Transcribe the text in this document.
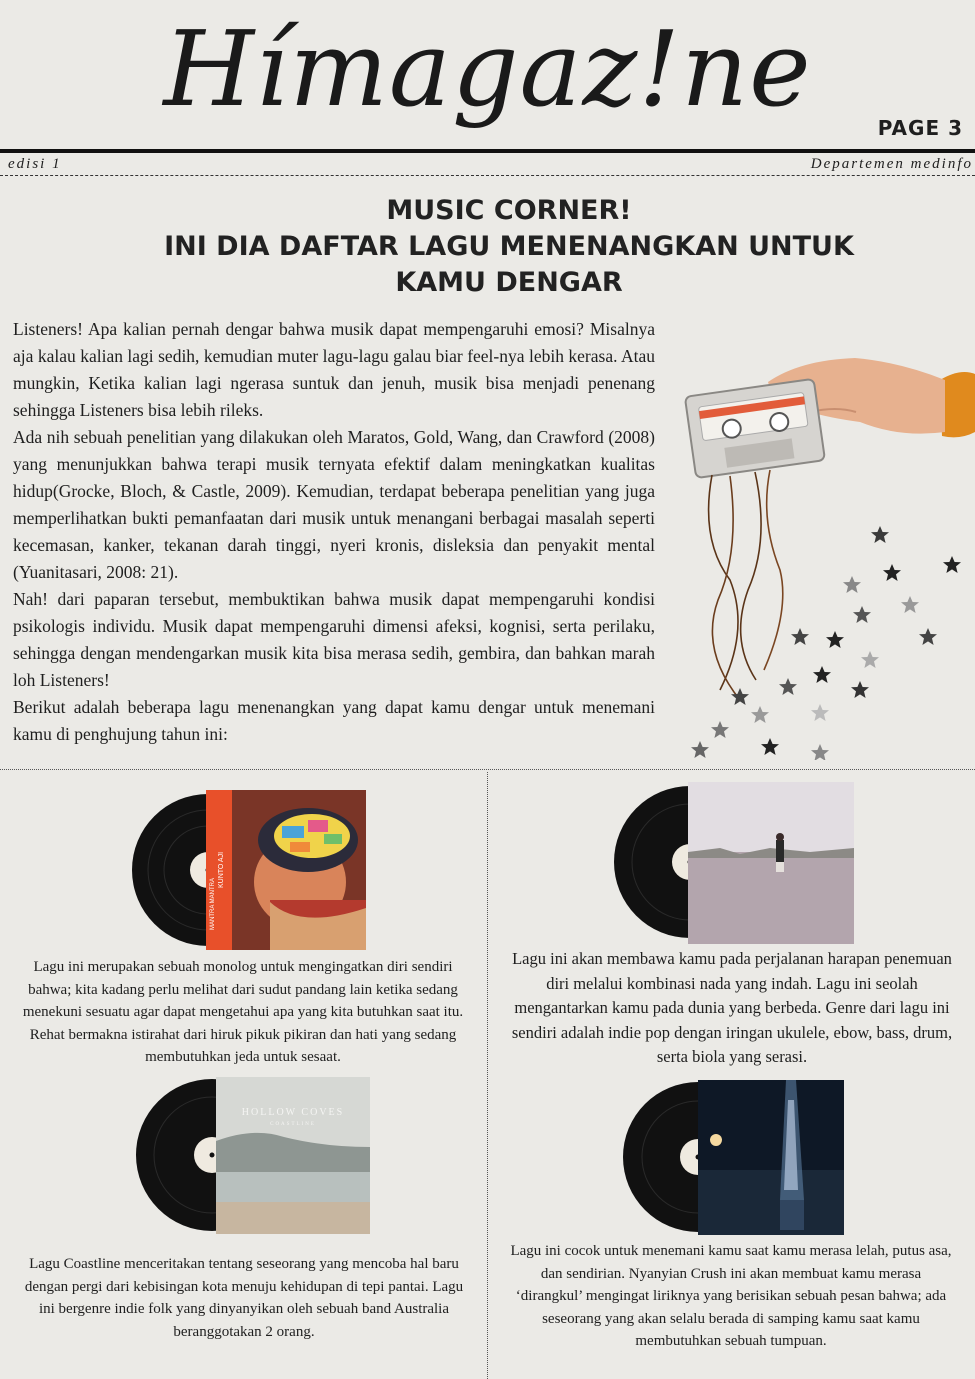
Hímagaz!ne	PAGE 3
edisi 1	Departemen medinfo
MUSIC CORNER!
INI DIA DAFTAR LAGU MENENANGKAN UNTUK
KAMU DENGAR

Listeners! Apa kalian pernah dengar bahwa musik dapat mempengaruhi emosi? Misalnya aja kalau kalian lagi sedih, kemudian muter lagu-lagu galau biar feel-nya lebih kerasa. Atau mungkin, Ketika kalian lagi ngerasa suntuk dan jenuh, musik bisa menjadi penenang sehingga Listeners bisa lebih rileks.

Ada nih sebuah penelitian yang dilakukan oleh Maratos, Gold, Wang, dan Crawford (2008) yang menunjukkan bahwa terapi musik ternyata efektif dalam meningkatkan kualitas hidup(Grocke, Bloch, & Castle, 2009). Kemudian, terdapat beberapa penelitian yang juga memperlihatkan bukti pemanfaatan dari musik untuk menangani berbagai masalah seperti kecemasan, kanker, tekanan darah tinggi, nyeri kronis, disleksia dan penyakit mental (Yuanitasari, 2008: 21).

Nah! dari paparan tersebut, membuktikan bahwa musik dapat mempengaruhi kondisi psikologis individu. Musik dapat mempengaruhi dimensi afeksi, kognisi, serta perilaku, sehingga dengan mendengarkan musik kita bisa merasa sedih, gembira, dan bahkan marah loh Listeners!

Berikut adalah beberapa lagu menenangkan yang dapat kamu dengar untuk menemani kamu di penghujung tahun ini:

KUNTO AJI
MANTRA MANTRA
Lagu ini merupakan sebuah monolog untuk mengingatkan diri sendiri bahwa; kita kadang perlu melihat dari sudut pandang lain ketika sedang menekuni sesuatu agar dapat mengetahui apa yang kita butuhkan saat itu. Rehat bermakna istirahat dari hiruk pikuk pikiran dan hati yang sedang membutuhkan jeda untuk sesaat.
Lagu ini akan membawa kamu pada perjalanan harapan penemuan diri melalui kombinasi nada yang indah. Lagu ini seolah mengantarkan kamu pada dunia yang berbeda. Genre dari lagu ini sendiri adalah indie pop dengan iringan ukulele, ebow, bass, drum, serta biola yang serasi.
HOLLOW COVES
COASTLINE
Lagu Coastline menceritakan tentang seseorang yang mencoba hal baru dengan pergi dari kebisingan kota menuju kehidupan di tepi pantai. Lagu ini bergenre indie folk yang dinyanyikan oleh sebuah band Australia beranggotakan 2 orang.
Lagu ini cocok untuk menemani kamu saat kamu merasa lelah, putus asa, dan sendirian. Nyanyian Crush ini akan membuat kamu merasa ‘dirangkul’ mengingat liriknya yang berisikan sebuah pesan bahwa; ada seseorang yang akan selalu berada di samping kamu saat kamu membutuhkan sebuah tumpuan.
